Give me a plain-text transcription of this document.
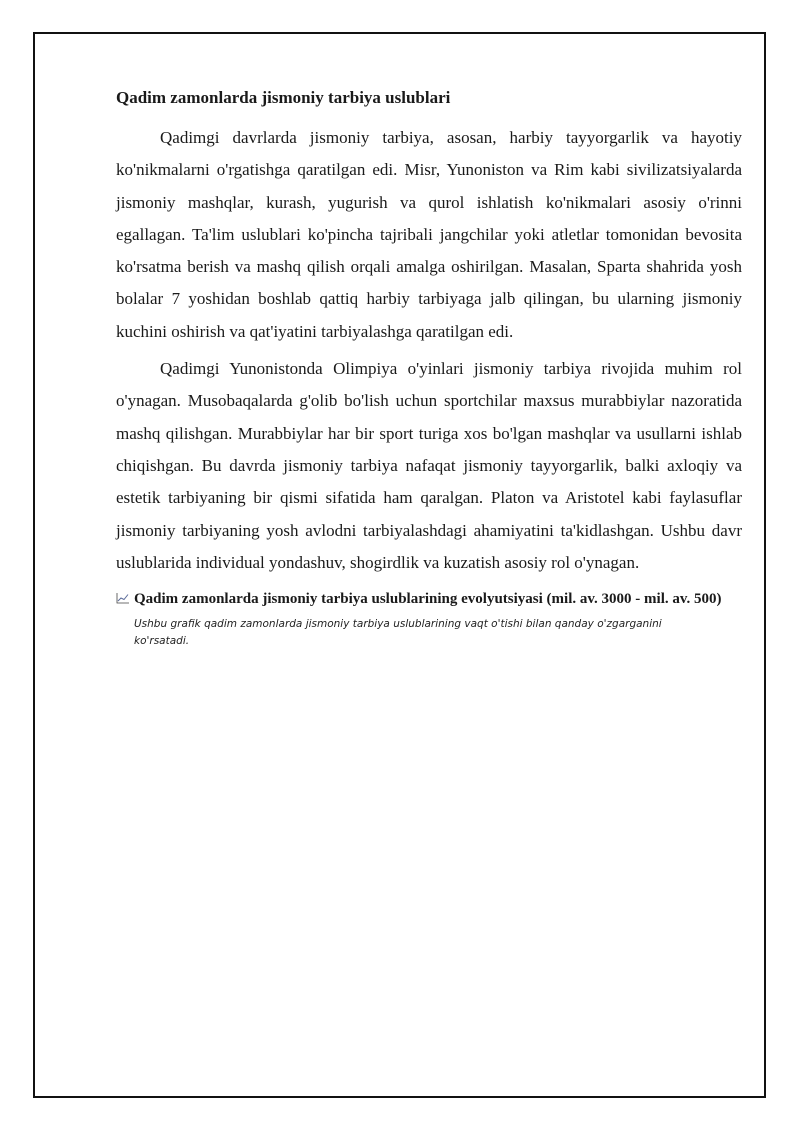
Qadim zamonlarda jismoniy tarbiya uslublari

Qadimgi davrlarda jismoniy tarbiya, asosan, harbiy tayyorgarlik va hayotiy ko'nikmalarni o'rgatishga qaratilgan edi. Misr, Yunoniston va Rim kabi sivilizatsiyalarda jismoniy mashqlar, kurash, yugurish va qurol ishlatish ko'nikmalari asosiy o'rinni egallagan. Ta'lim uslublari ko'pincha tajribali jangchilar yoki atletlar tomonidan bevosita ko'rsatma berish va mashq qilish orqali amalga oshirilgan. Masalan, Sparta shahrida yosh bolalar 7 yoshidan boshlab qattiq harbiy tarbiyaga jalb qilingan, bu ularning jismoniy kuchini oshirish va qat'iyatini tarbiyalashga qaratilgan edi.

Qadimgi Yunonistonda Olimpiya o'yinlari jismoniy tarbiya rivojida muhim rol o'ynagan. Musobaqalarda g'olib bo'lish uchun sportchilar maxsus murabbiylar nazoratida mashq qilishgan. Murabbiylar har bir sport turiga xos bo'lgan mashqlar va usullarni ishlab chiqishgan. Bu davrda jismoniy tarbiya nafaqat jismoniy tayyorgarlik, balki axloqiy va estetik tarbiyaning bir qismi sifatida ham qaralgan. Platon va Aristotel kabi faylasuflar jismoniy tarbiyaning yosh avlodni tarbiyalashdagi ahamiyatini ta'kidlashgan. Ushbu davr uslublarida individual yondashuv, shogirdlik va kuzatish asosiy rol o'ynagan.

Qadim zamonlarda jismoniy tarbiya uslublarining evolyutsiyasi (mil. av. 3000 - mil. av. 500)

Ushbu grafik qadim zamonlarda jismoniy tarbiya uslublarining vaqt o'tishi bilan qanday o'zgarganini ko'rsatadi.
